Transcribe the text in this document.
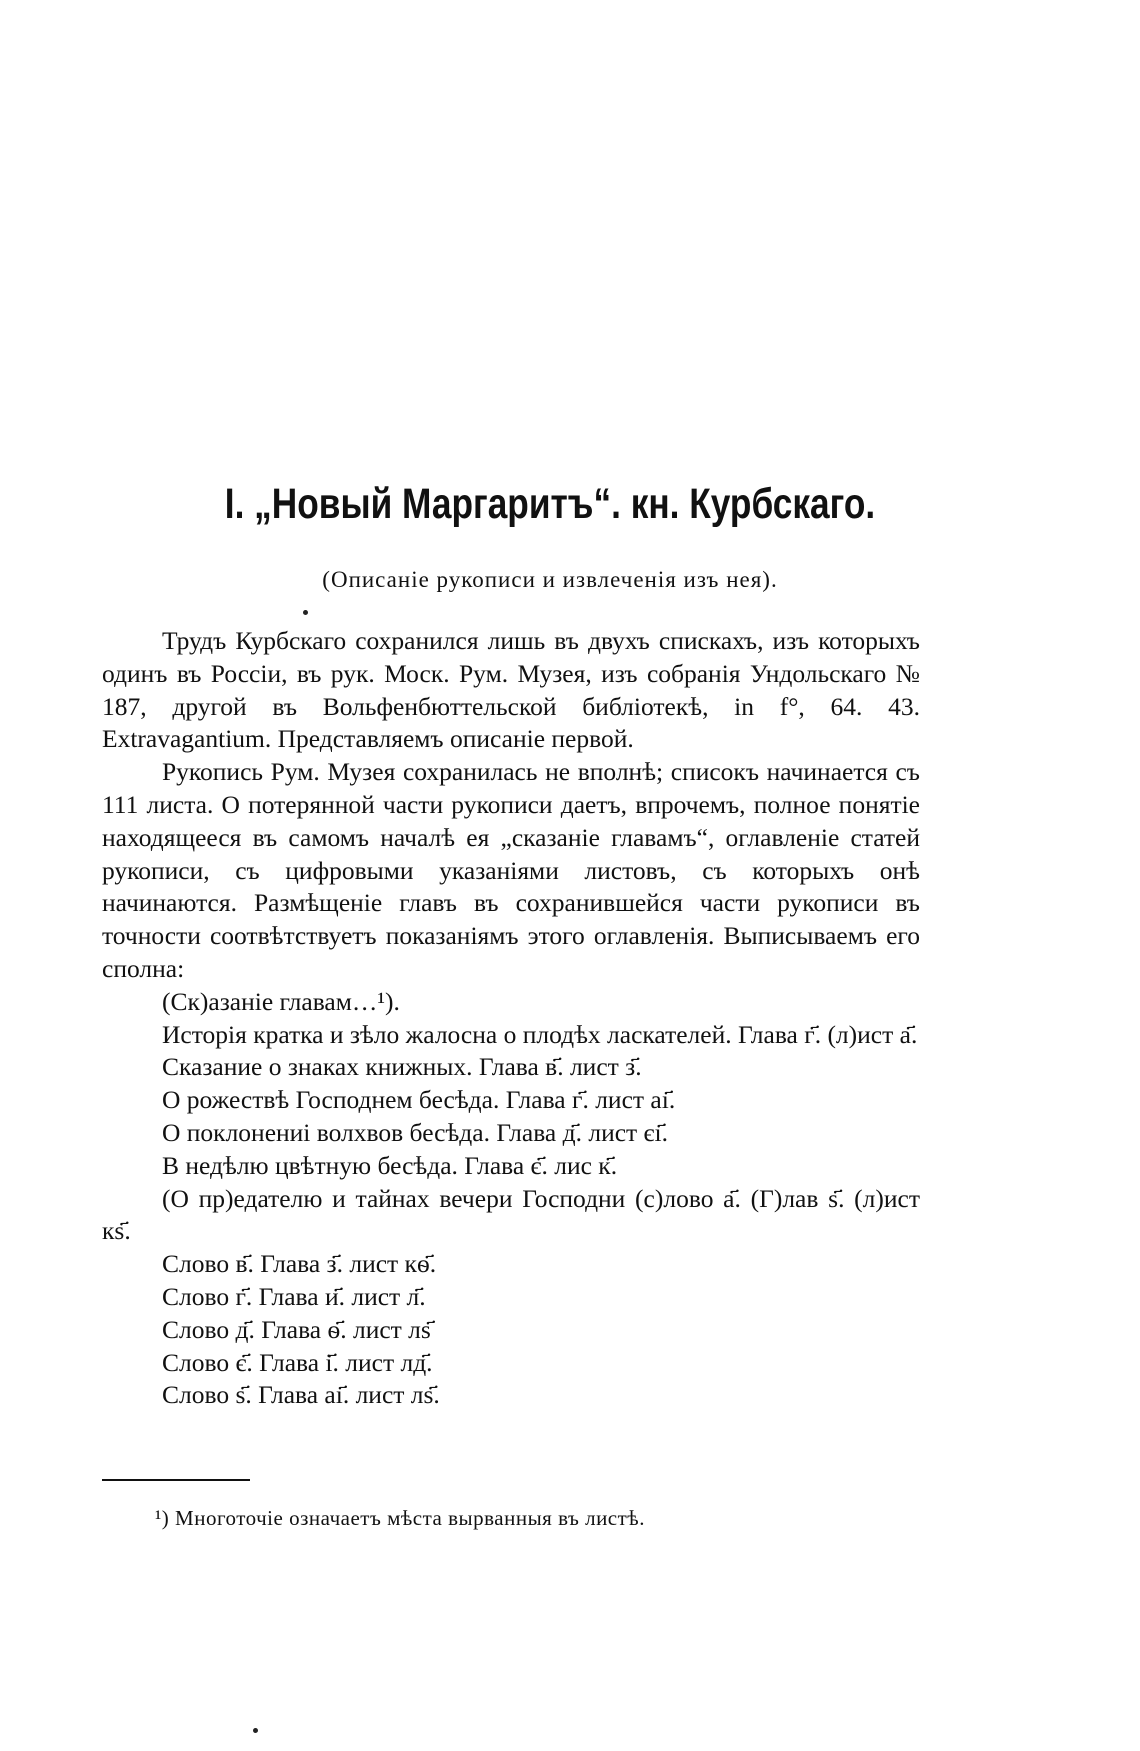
I. „Новый Маргаритъ“. кн. Курбскаго.

(Описаніе рукописи и извлеченія изъ нея).

Трудъ Курбскаго сохранился лишь въ двухъ спискахъ, изъ которыхъ одинъ въ Россіи, въ рук. Моск. Рум. Музея, изъ собранія Ундольскаго № 187, другой въ Вольфенбюттельской библіотекѣ, in f°, 64. 43. Extravagantium. Представляемъ описаніе первой.

Рукопись Рум. Музея сохранилась не вполнѣ; списокъ начинается съ 111 листа. О потерянной части рукописи даетъ, впрочемъ, полное понятіе находящееся въ самомъ началѣ ея „сказаніе главамъ“, оглавленіе статей рукописи, съ цифровыми указаніями листовъ, съ которыхъ онѣ начинаются. Размѣщеніе главъ въ сохранившейся части рукописи въ точности соотвѣтствуетъ показаніямъ этого оглавленія. Выписываемъ его сполна:

(Ск)азаніе главам…¹).

Исторія кратка и зѣло жалосна о плодѣх ласкателей. Глава г҃. (л)ист а҃.

Сказание о знаках книжных. Глава в҃. лист з҃.

О рожествѣ Господнем бесѣда. Глава г҃. лист аı҃.

О поклонениі волхвов бесѣда. Глава д҃. лист єı҃.

В недѣлю цвѣтную бесѣда. Глава є҃. лис к҃.

(О пр)едателю и тайнах вечери Господни (с)лово а҃. (Г)лав ѕ҃. (л)ист кѕ҃.

Слово в҃. Глава з҃. лист кѳ҃.

Слово г҃. Глава и҃. лист л҃.

Слово д҃. Глава ѳ҃. лист лѕ҃

Слово є҃. Глава і҃. лист лд҃.

Слово ѕ҃. Глава аı҃. лист лѕ҃.

¹) Многоточіе означаетъ мѣста вырванныя въ листѣ.
